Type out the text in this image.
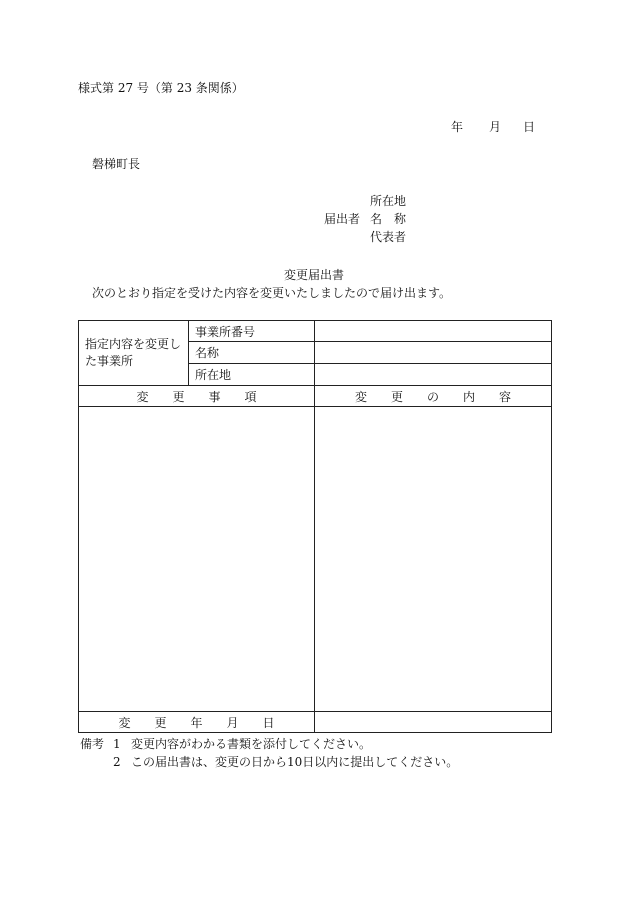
様式第 27 号（第 23 条関係）
年 月 日
磐梯町長
所在地
届出者 名　称
代表者
変更届出書
次のとおり指定を受けた内容を変更いたしましたので届け出ます。
指定内容を変更した事業所	事業所番号	
	名称	
	所在地	
変　　更　　事　　項		変　　更　　の　　内　　容

変　　更　　年　　月　　日		
備考 1 変更内容がわかる書類を添付してください。
2 この届出書は、変更の日から10日以内に提出してください。
